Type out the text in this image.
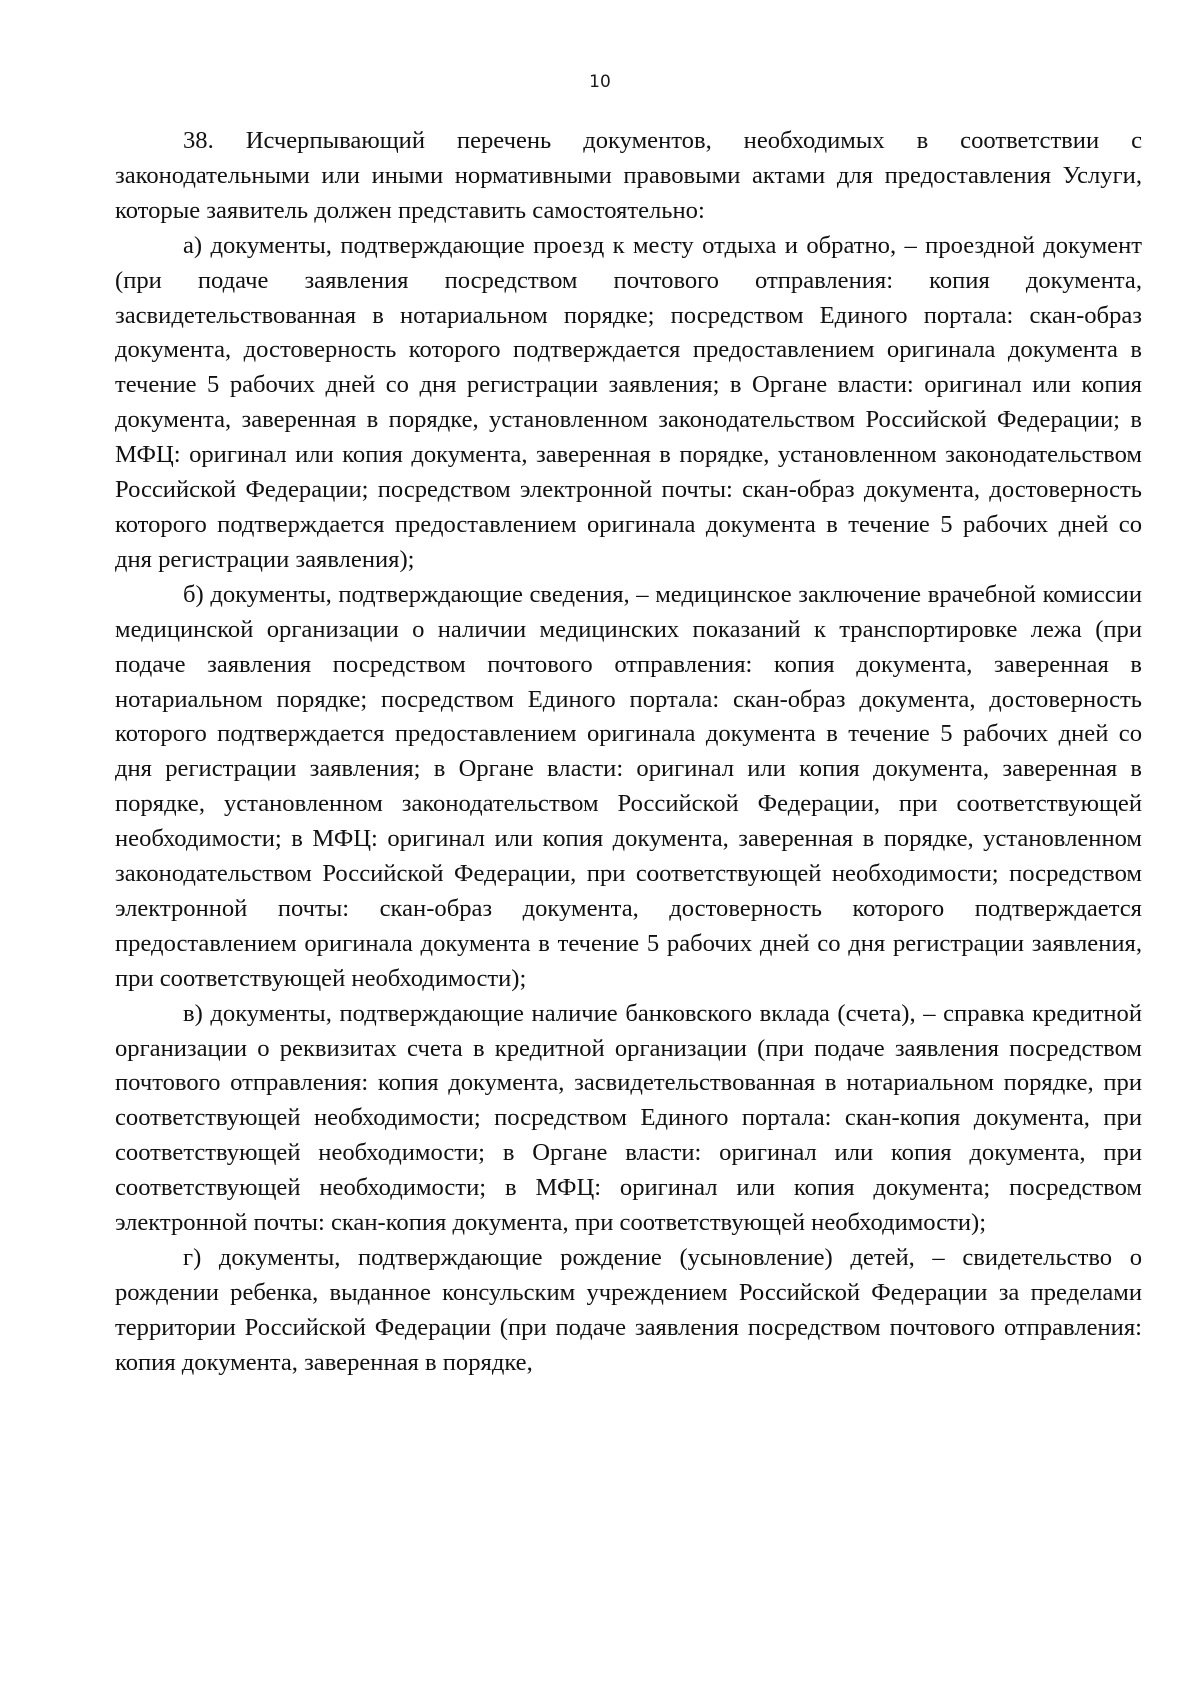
10

38. Исчерпывающий перечень документов, необходимых в соответствии с законодательными или иными нормативными правовыми актами для предоставления Услуги, которые заявитель должен представить самостоятельно:

а) документы, подтверждающие проезд к месту отдыха и обратно, – проездной документ (при подаче заявления посредством почтового отправления: копия документа, засвидетельствованная в нотариальном порядке; посредством Единого портала: скан-образ документа, достоверность которого подтверждается предоставлением оригинала документа в течение 5 рабочих дней со дня регистрации заявления; в Органе власти: оригинал или копия документа, заверенная в порядке, установленном законодательством Российской Федерации; в МФЦ: оригинал или копия документа, заверенная в порядке, установленном законодательством Российской Федерации; посредством электронной почты: скан-образ документа, достоверность которого подтверждается предоставлением оригинала документа в течение 5 рабочих дней со дня регистрации заявления);

б) документы, подтверждающие сведения, – медицинское заключение врачебной комиссии медицинской организации о наличии медицинских показаний к транспортировке лежа (при подаче заявления посредством почтового отправления: копия документа, заверенная в нотариальном порядке; посредством Единого портала: скан-образ документа, достоверность которого подтверждается предоставлением оригинала документа в течение 5 рабочих дней со дня регистрации заявления; в Органе власти: оригинал или копия документа, заверенная в порядке, установленном законодательством Российской Федерации, при соответствующей необходимости; в МФЦ: оригинал или копия документа, заверенная в порядке, установленном законодательством Российской Федерации, при соответствующей необходимости; посредством электронной почты: скан-образ документа, достоверность которого подтверждается предоставлением оригинала документа в течение 5 рабочих дней со дня регистрации заявления, при соответствующей необходимости);

в) документы, подтверждающие наличие банковского вклада (счета), – справка кредитной организации о реквизитах счета в кредитной организации (при подаче заявления посредством почтового отправления: копия документа, засвидетельствованная в нотариальном порядке, при соответствующей необходимости; посредством Единого портала: скан-копия документа, при соответствующей необходимости; в Органе власти: оригинал или копия документа, при соответствующей необходимости; в МФЦ: оригинал или копия документа; посредством электронной почты: скан-копия документа, при соответствующей необходимости);

г) документы, подтверждающие рождение (усыновление) детей, – свидетельство о рождении ребенка, выданное консульским учреждением Российской Федерации за пределами территории Российской Федерации (при подаче заявления посредством почтового отправления: копия документа, заверенная в порядке,
